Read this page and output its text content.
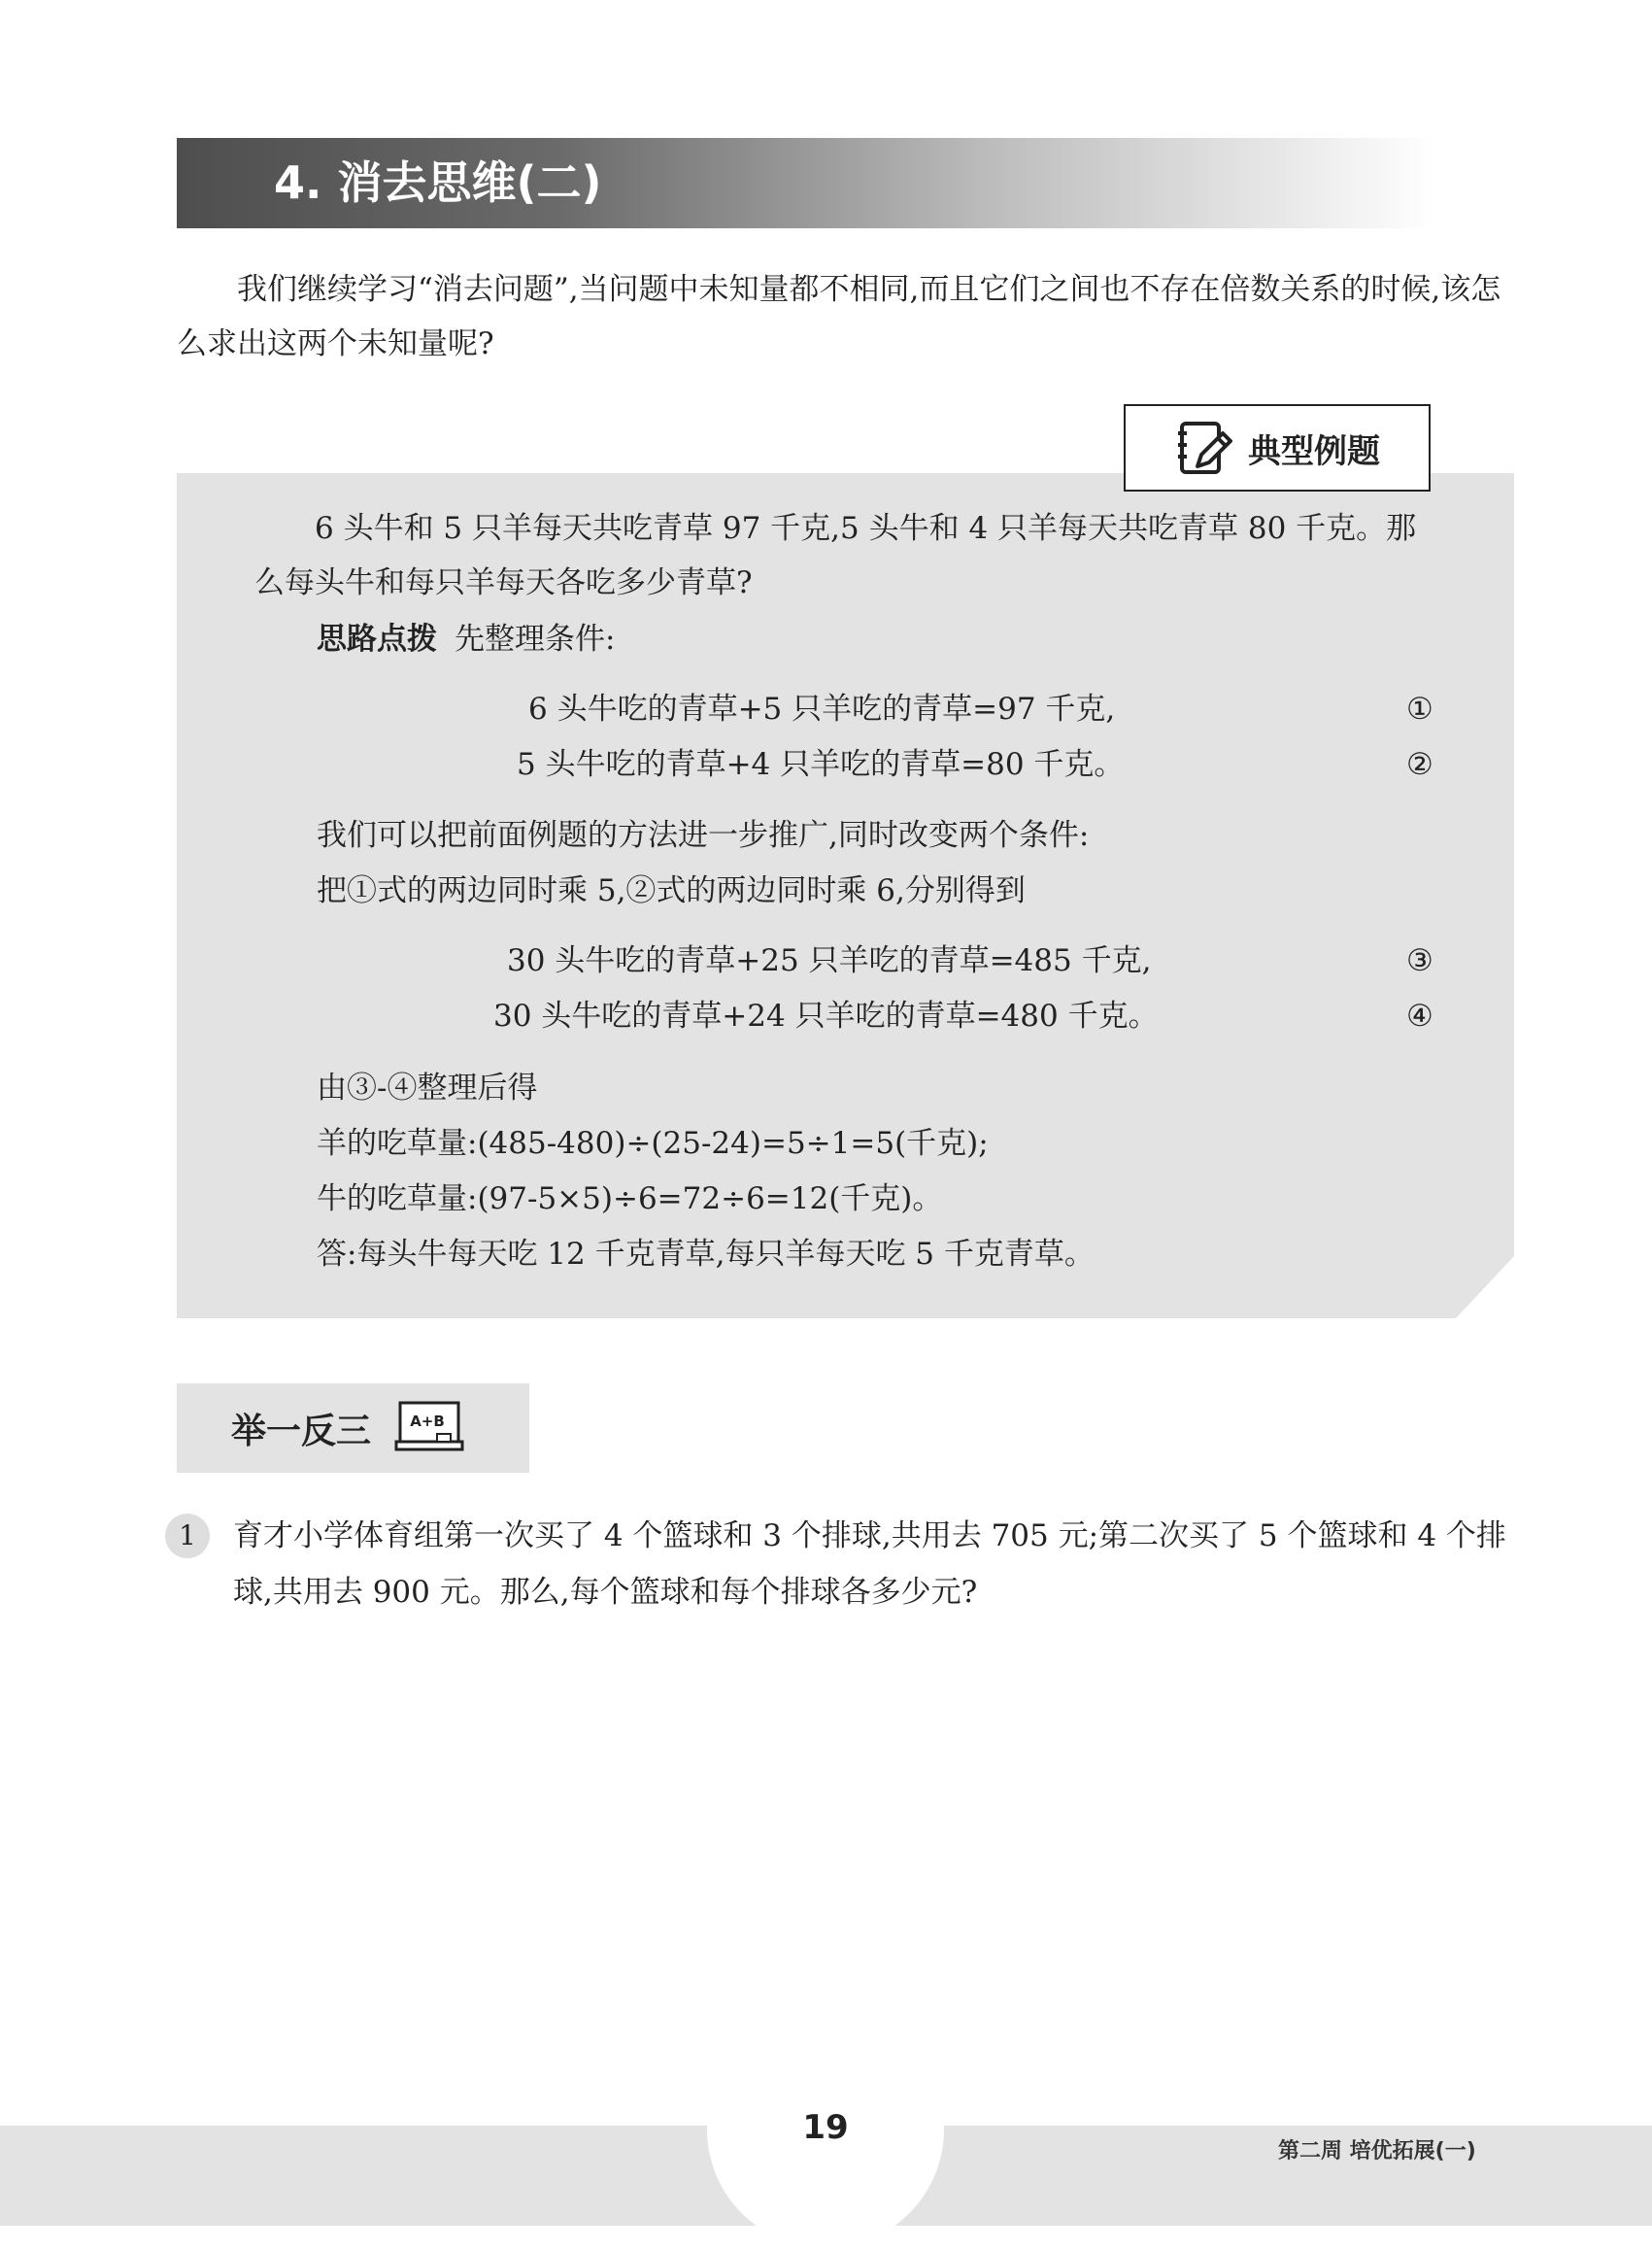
4. 消去思维(二)

我们继续学习“消去问题”,当问题中未知量都不相同,而且它们之间也不存在倍数关系的时候,该怎么求出这两个未知量呢?

典型例题
6 头牛和 5 只羊每天共吃青草 97 千克,5 头牛和 4 只羊每天共吃青草 80 千克。那
么每头牛和每只羊每天各吃多少青草?
思路点拨 先整理条件:
6 头牛吃的青草+5 只羊吃的青草=97 千克,	①
5 头牛吃的青草+4 只羊吃的青草=80 千克。	②
我们可以把前面例题的方法进一步推广,同时改变两个条件:
把①式的两边同时乘 5,②式的两边同时乘 6,分别得到
30 头牛吃的青草+25 只羊吃的青草=485 千克,	③
30 头牛吃的青草+24 只羊吃的青草=480 千克。	④
由③-④整理后得
羊的吃草量:(485-480)÷(25-24)=5÷1=5(千克);
牛的吃草量:(97-5×5)÷6=72÷6=12(千克)。
答:每头牛每天吃 12 千克青草,每只羊每天吃 5 千克青草。
举一反三	A+B
1	育才小学体育组第一次买了 4 个篮球和 3 个排球,共用去 705 元;第二次买了 5 个篮球和 4 个排球,共用去 900 元。那么,每个篮球和每个排球各多少元?

19
第二周 培优拓展(一)
